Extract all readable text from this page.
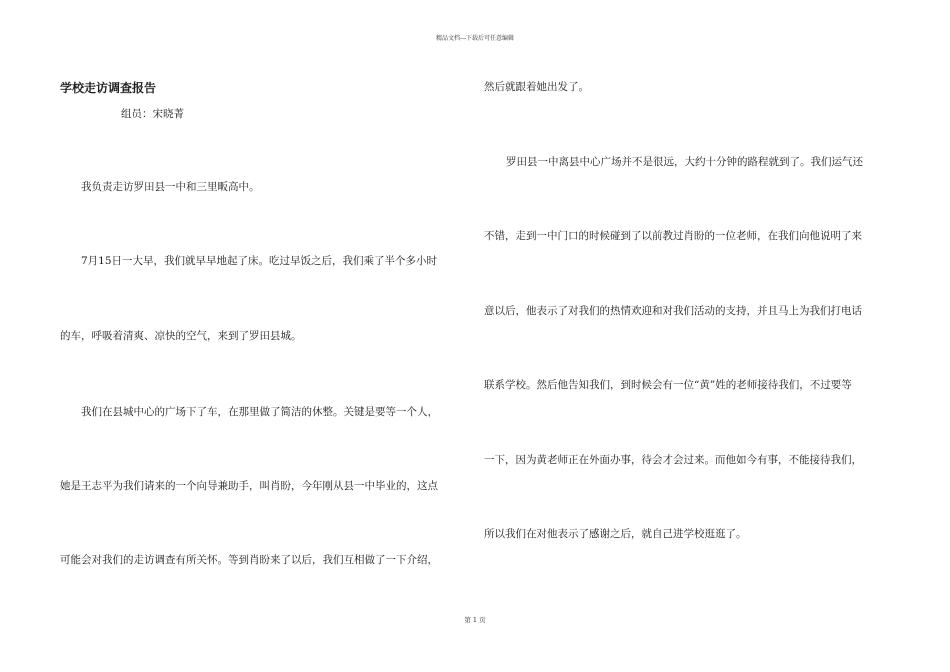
精品文档---下载后可任意编辑
学校走访调查报告
组员：宋晓菁
我负责走访罗田县一中和三里畈高中。
7月15日一大早，我们就早早地起了床。吃过早饭之后，我们乘了半个多小时
的车，呼吸着清爽、凉快的空气，来到了罗田县城。
我们在县城中心的广场下了车，在那里做了简洁的休整。关键是要等一个人，
她是王志平为我们请来的一个向导兼助手，叫肖盼，今年刚从县一中毕业的，这点
可能会对我们的走访调查有所关怀。等到肖盼来了以后，我们互相做了一下介绍，
然后就跟着她出发了。
罗田县一中离县中心广场并不是很远，大约十分钟的路程就到了。我们运气还
不错，走到一中门口的时候碰到了以前教过肖盼的一位老师，在我们向他说明了来
意以后，他表示了对我们的热情欢迎和对我们活动的支持，并且马上为我们打电话
联系学校。然后他告知我们，到时候会有一位“黄”姓的老师接待我们，不过要等
一下，因为黄老师正在外面办事，待会才会过来。而他如今有事，不能接待我们，
所以我们在对他表示了感谢之后，就自己进学校逛逛了。
第 1 页
